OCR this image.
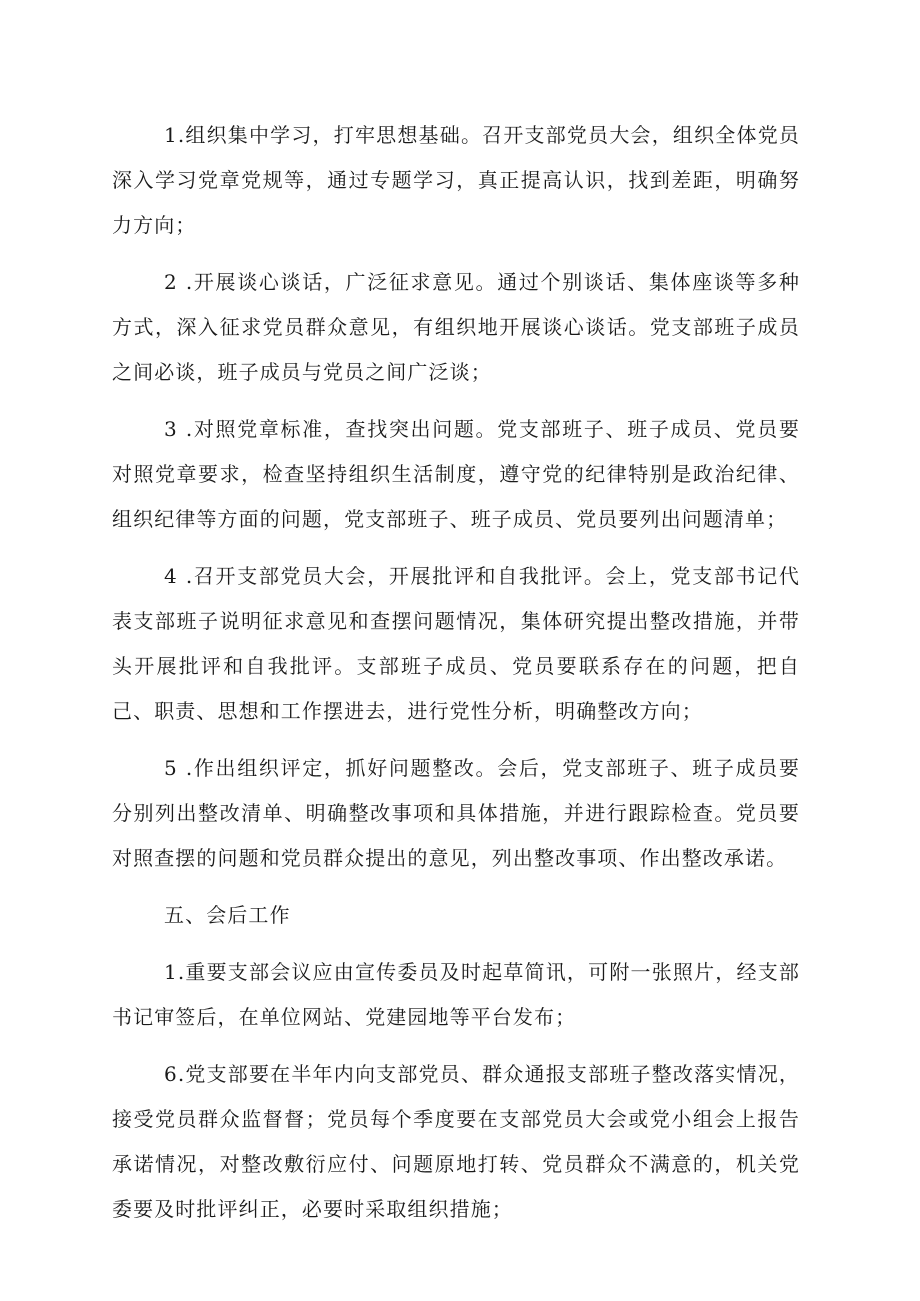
1.组织集中学习，打牢思想基础。召开支部党员大会，组织全体党员深入学习党章党规等，通过专题学习，真正提高认识，找到差距，明确努力方向；

2 .开展谈心谈话，广泛征求意见。通过个别谈话、集体座谈等多种方式，深入征求党员群众意见，有组织地开展谈心谈话。党支部班子成员之间必谈，班子成员与党员之间广泛谈；

3 .对照党章标准，查找突出问题。党支部班子、班子成员、党员要对照党章要求，检查坚持组织生活制度，遵守党的纪律特别是政治纪律、组织纪律等方面的问题，党支部班子、班子成员、党员要列出问题清单；

4 .召开支部党员大会，开展批评和自我批评。会上，党支部书记代表支部班子说明征求意见和查摆问题情况，集体研究提出整改措施，并带头开展批评和自我批评。支部班子成员、党员要联系存在的问题，把自己、职责、思想和工作摆进去，进行党性分析，明确整改方向；

5 .作出组织评定，抓好问题整改。会后，党支部班子、班子成员要分别列出整改清单、明确整改事项和具体措施，并进行跟踪检查。党员要对照查摆的问题和党员群众提出的意见，列出整改事项、作出整改承诺。

五、会后工作

1.重要支部会议应由宣传委员及时起草简讯，可附一张照片，经支部书记审签后，在单位网站、党建园地等平台发布；

6.党支部要在半年内向支部党员、群众通报支部班子整改落实情况，接受党员群众监督督；党员每个季度要在支部党员大会或党小组会上报告承诺情况，对整改敷衍应付、问题原地打转、党员群众不满意的，机关党委要及时批评纠正，必要时采取组织措施；
